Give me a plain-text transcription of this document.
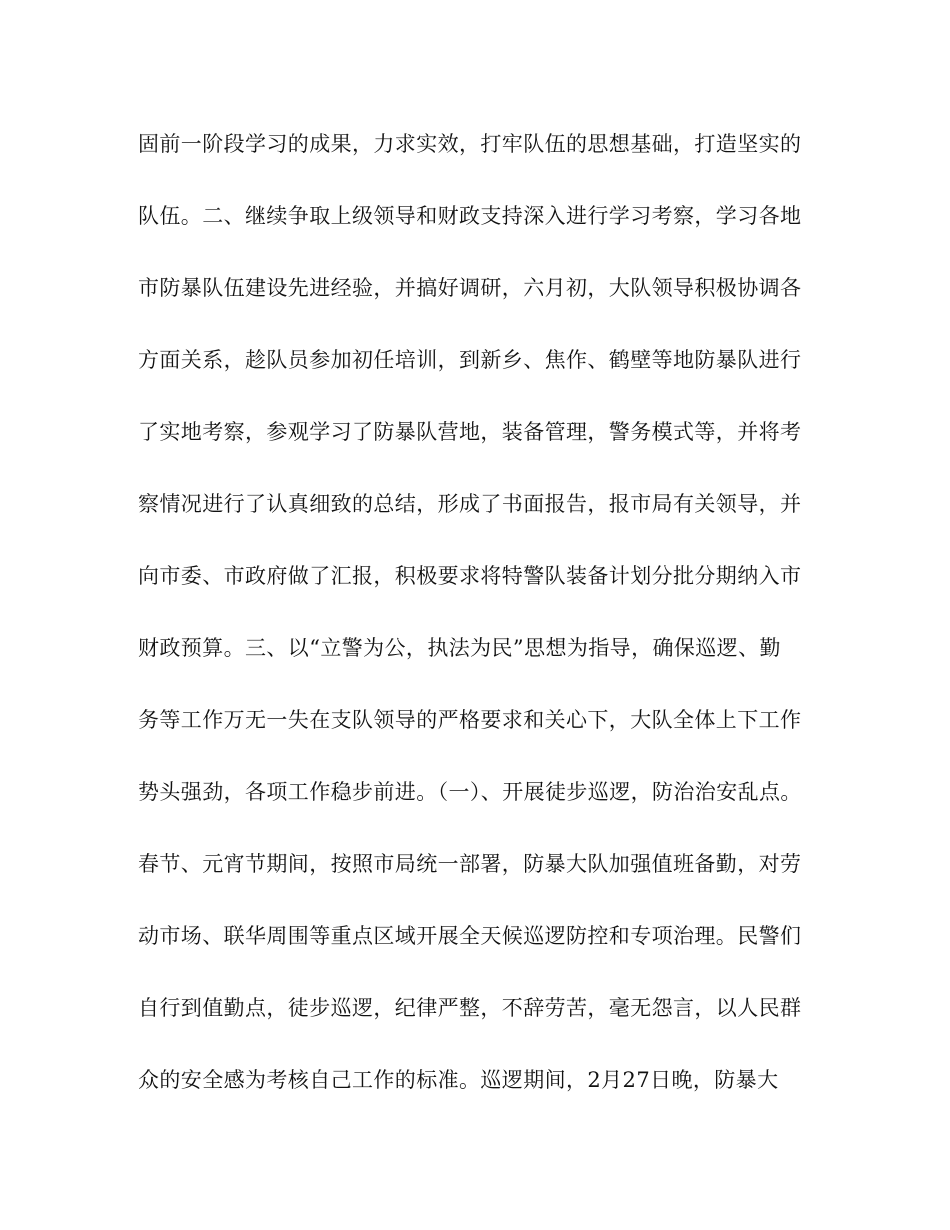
固前一阶段学习的成果，力求实效，打牢队伍的思想基础，打造坚实的
队伍。二、继续争取上级领导和财政支持深入进行学习考察，学习各地
市防暴队伍建设先进经验，并搞好调研，六月初，大队领导积极协调各
方面关系，趁队员参加初任培训，到新乡、焦作、鹤壁等地防暴队进行
了实地考察，参观学习了防暴队营地，装备管理，警务模式等，并将考
察情况进行了认真细致的总结，形成了书面报告，报市局有关领导，并
向市委、市政府做了汇报，积极要求将特警队装备计划分批分期纳入市
财政预算。三、以“立警为公，执法为民”思想为指导，确保巡逻、勤
务等工作万无一失在支队领导的严格要求和关心下，大队全体上下工作
势头强劲，各项工作稳步前进。（一）、开展徒步巡逻，防治治安乱点。
春节、元宵节期间，按照市局统一部署，防暴大队加强值班备勤，对劳
动市场、联华周围等重点区域开展全天候巡逻防控和专项治理。民警们
自行到值勤点，徒步巡逻，纪律严整，不辞劳苦，毫无怨言，以人民群
众的安全感为考核自己工作的标准。巡逻期间，2月27日晚，防暴大
